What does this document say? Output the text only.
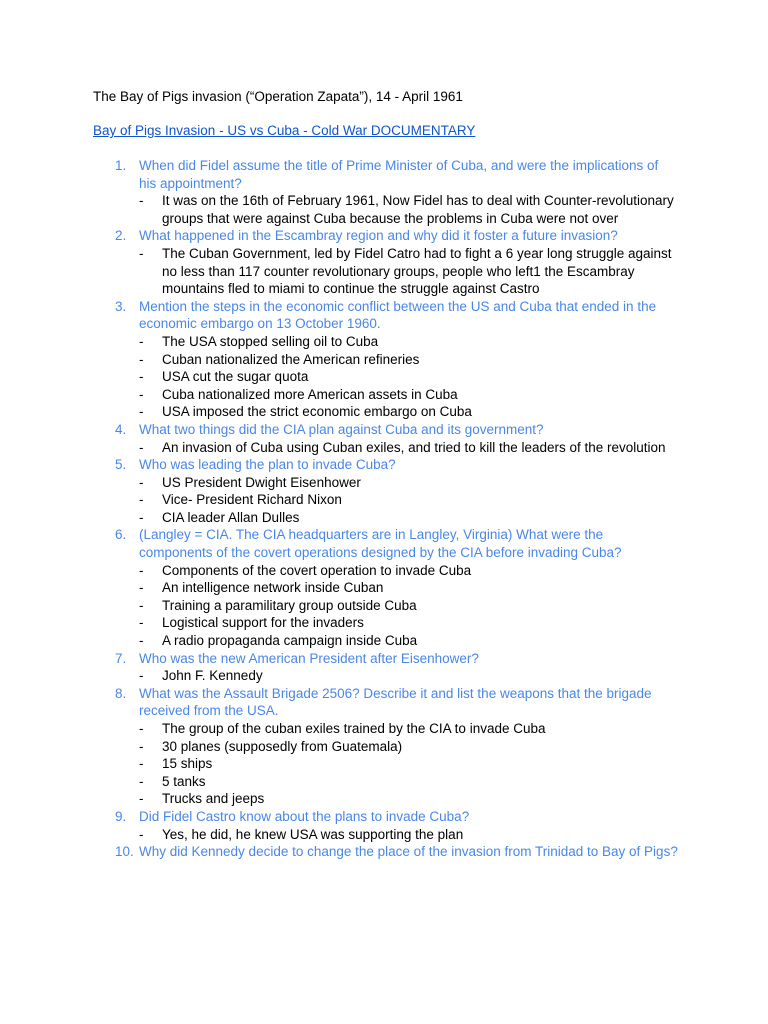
The Bay of Pigs invasion (“Operation Zapata”), 14 - April 1961

Bay of Pigs Invasion - US vs Cuba - Cold War DOCUMENTARY
1. When did Fidel assume the title of Prime Minister of Cuba, and were the implications of his appointment?
- It was on the 16th of February 1961, Now Fidel has to deal with Counter-revolutionary groups that were against Cuba because the problems in Cuba were not over
2. What happened in the Escambray region and why did it foster a future invasion?
- The Cuban Government, led by Fidel Catro had to fight a 6 year long struggle against no less than 117 counter revolutionary groups, people who left1 the Escambray mountains fled to miami to continue the struggle against Castro
3. Mention the steps in the economic conflict between the US and Cuba that ended in the economic embargo on 13 October 1960.
- The USA stopped selling oil to Cuba
- Cuban nationalized the American refineries
- USA cut the sugar quota
- Cuba nationalized more American assets in Cuba
- USA imposed the strict economic embargo on Cuba
4. What two things did the CIA plan against Cuba and its government?
- An invasion of Cuba using Cuban exiles, and tried to kill the leaders of the revolution
5. Who was leading the plan to invade Cuba?
- US President Dwight Eisenhower
- Vice- President Richard Nixon
- CIA leader Allan Dulles
6. (Langley = CIA. The CIA headquarters are in Langley, Virginia) What were the components of the covert operations designed by the CIA before invading Cuba?
- Components of the covert operation to invade Cuba
- An intelligence network inside Cuban
- Training a paramilitary group outside Cuba
- Logistical support for the invaders
- A radio propaganda campaign inside Cuba
7. Who was the new American President after Eisenhower?
- John F. Kennedy
8. What was the Assault Brigade 2506? Describe it and list the weapons that the brigade received from the USA.
- The group of the cuban exiles trained by the CIA to invade Cuba
- 30 planes (supposedly from Guatemala)
- 15 ships
- 5 tanks
- Trucks and jeeps
9. Did Fidel Castro know about the plans to invade Cuba?
- Yes, he did, he knew USA was supporting the plan
10. Why did Kennedy decide to change the place of the invasion from Trinidad to Bay of Pigs?
